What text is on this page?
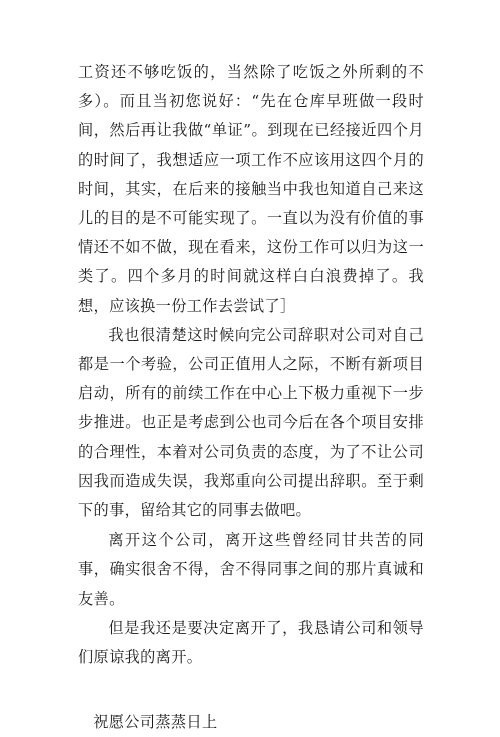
工资还不够吃饭的，当然除了吃饭之外所剩的不多）。而且当初您说好：“先在仓库早班做一段时间，然后再让我做“单证”。到现在已经接近四个月的时间了，我想适应一项工作不应该用这四个月的时间，其实，在后来的接触当中我也知道自己来这儿的目的是不可能实现了。一直以为没有价值的事情还不如不做，现在看来，这份工作可以归为这一类了。四个多月的时间就这样白白浪费掉了。我想，应该换一份工作去尝试了］

我也很清楚这时候向完公司辞职对公司对自己都是一个考验，公司正值用人之际，不断有新项目启动，所有的前续工作在中心上下极力重视下一步步推进。也正是考虑到公也司今后在各个项目安排的合理性，本着对公司负责的态度，为了不让公司因我而造成失误，我郑重向公司提出辞职。至于剩下的事，留给其它的同事去做吧。

离开这个公司，离开这些曾经同甘共苦的同事，确实很舍不得，舍不得同事之间的那片真诚和友善。

但是我还是要决定离开了，我恳请公司和领导们原谅我的离开。

祝愿公司蒸蒸日上
